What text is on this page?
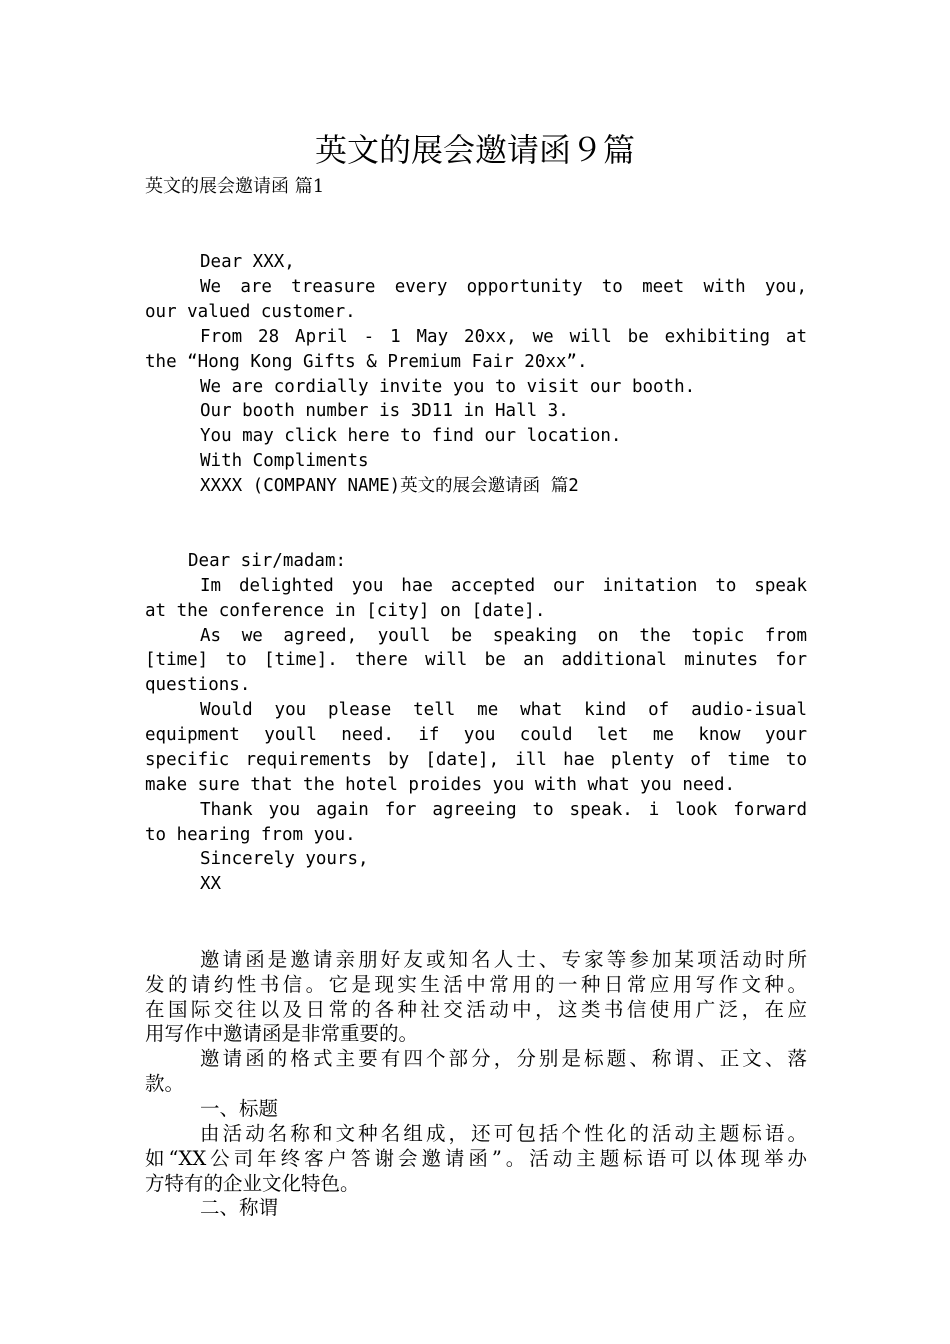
英文的展会邀请函９篇
英文的展会邀请函 篇1
Dear XXX,
We are treasure every opportunity to meet with you,
our valued customer.
From 28 April - 1 May 20xx, we will be exhibiting at
the “Hong Kong Gifts & Premium Fair 20xx”.
We are cordially invite you to visit our booth.
Our booth number is 3D11 in Hall 3.
You may click here to find our location.
With Compliments
XXXX (COMPANY NAME)英文的展会邀请函 篇2
Dear sir/madam:
Im delighted you hae accepted our initation to speak
at the conference in [city] on [date].
As we agreed, youll be speaking on the topic from
[time] to [time]. there will be an additional minutes for
questions.
Would you please tell me what kind of audio-isual
equipment youll need. if you could let me know your
specific requirements by [date], ill hae plenty of time to
make sure that the hotel proides you with what you need.
Thank you again for agreeing to speak. i look forward
to hearing from you.
Sincerely yours,
XX
邀请函是邀请亲朋好友或知名人士、专家等参加某项活动时所
发的请约性书信。它是现实生活中常用的一种日常应用写作文种。
在国际交往以及日常的各种社交活动中，这类书信使用广泛，在应
用写作中邀请函是非常重要的。
邀请函的格式主要有四个部分，分别是标题、称谓、正文、落
款。
一、标题
由活动名称和文种名组成，还可包括个性化的活动主题标语。
如“XX公司年终客户答谢会邀请函”。活动主题标语可以体现举办
方特有的企业文化特色。
二、称谓
